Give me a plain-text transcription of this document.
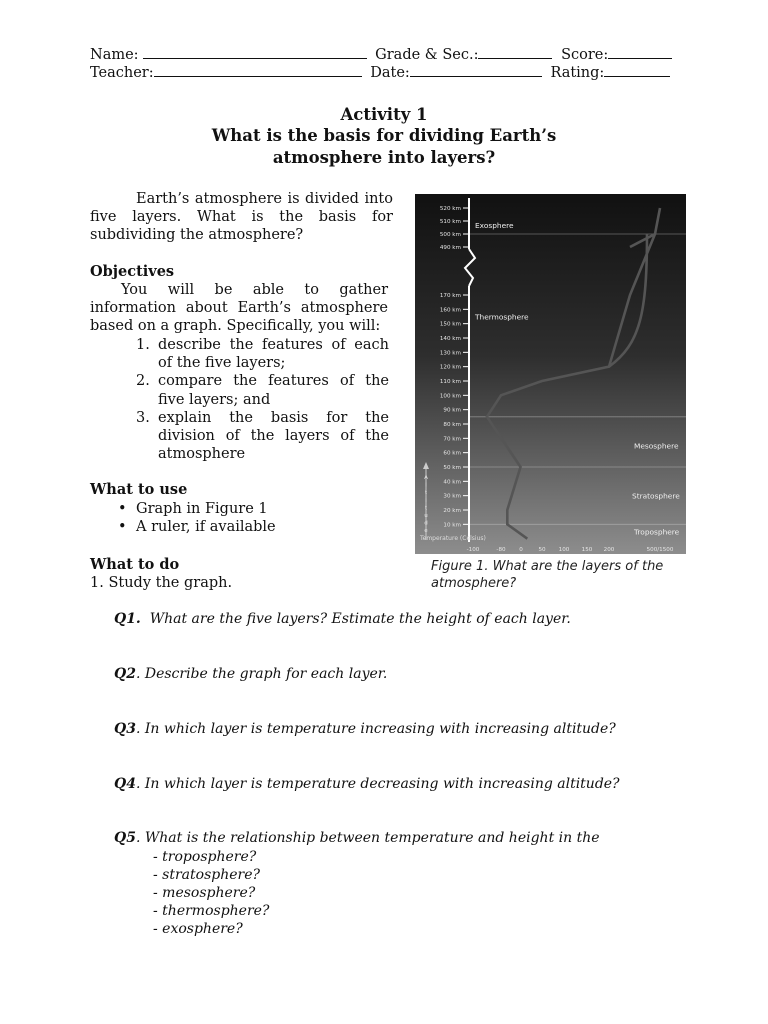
Name:	Grade & Sec.:	Score:
Teacher:	Date:	Rating:
Activity 1
What is the basis for dividing Earth’s
atmosphere into layers?
Earth’s atmosphere is divided into five layers. What is the basis for subdividing the atmosphere?
Objectives
You will be able to gather information about Earth’s atmosphere based on a graph. Specifically, you will:
1. describe the features of each of the five layers;
2. compare the features of the five layers; and
3. explain the basis for the division of the layers of the atmosphere
What to use
• Graph in Figure 1
• A ruler, if available
What to do
1. Study the graph.
520 km
510 km
500 km
490 km
170 km
160 km
150 km
140 km
130 km
120 km
110 km
100 km
90 km
80 km
70 km
60 km
50 km
40 km
30 km
20 km
10 km
-100	-80 0	50 100 150 200	500/1500
Exosphere
Thermosphere
Mesosphere
Stratosphere
Troposphere
A
l
t
i
t
u
d
e
Temperature (Celsius)
Figure 1. What are the layers of the
atmosphere?
Q1. What are the five layers? Estimate the height of each layer.
Q2. Describe the graph for each layer.
Q3. In which layer is temperature increasing with increasing altitude?
Q4. In which layer is temperature decreasing with increasing altitude?
Q5. What is the relationship between temperature and height in the
- troposphere?
- stratosphere?
- mesosphere?
- thermosphere?
- exosphere?
